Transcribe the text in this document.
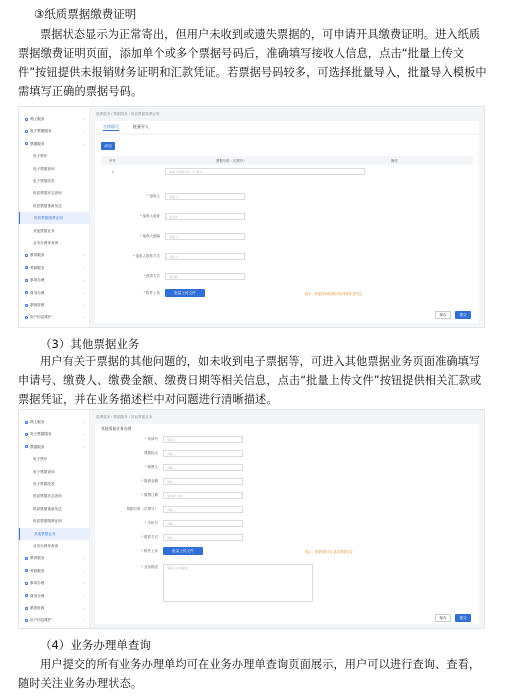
③纸质票据缴费证明
票据状态显示为正常寄出，但用户未收到或遗失票据的，可申请开具缴费证明。进入纸质票据缴费证明页面，添加单个或多个票据号码后，准确填写接收人信息，点击“批量上传文件”按钮提供未报销财务证明和汇款凭证。若票据号码较多，可选择批量导入，批量导入模板中需填写正确的票据号码。
网上服务	⌄
电子票据服务	⌄
票据服务	⌄
电子票补
电子票据查询
电子票据改签
纸质票据状态查询
纸质票据重新发送
纸质票据缴费证明
其他票据业务
业务办理单查询
教育服务	⌄
考研服务	⌄
事项办理	⌄
财务办理	⌄
系统资源	⌄
用户信息维护	⌄
缴费服务 / 票据服务 / 纸质票据缴费证明
在线填写	批量导入
添加
序号	票据号码（长票号）	操作
1	请输入票据号码（长票号）
* 接收人	请输入
* 接收人地址	请选择
* 接收人邮编	请输入
* 接收人联系方式	请输入
* 邮寄方式	请选择
* 附件上传	批量上传文件	提示：需提供未报销财务证明和汇款凭证
保存	提交
（3）其他票据业务
用户有关于票据的其他问题的，如未收到电子票据等，可进入其他票据业务页面准确填写申请号、缴费人、缴费金额、缴费日期等相关信息，点击“批量上传文件”按钮提供相关汇款或票据凭证，并在业务描述栏中对问题进行清晰描述。
网上服务	⌄
电子票据服务	⌄
票据服务	⌄
电子票补
电子票据查询
电子票据改签
纸质票据状态查询
纸质票据重新发送
纸质票据缴费证明
其他票据业务
业务办理单查询
教育服务	⌄
考研服务	⌄
事项办理	⌄
财务办理	⌄
系统资源	⌄
用户信息维护	⌄
缴费服务 / 票据服务 / 其他票据业务
其他票据业务办理
* 申请号	请输入
票据抬头	请输入
* 缴费人	请输入
* 缴费金额	请输入
* 缴费日期	请选择日期
票据号码（长票号）	请输入
* 手机号	请输入
* 联系方式	请输入
* 附件上传	批量上传文件	提示：需提供相关汇款或票据凭证
* 业务描述	请输入业务描述
保存	提交
（4）业务办理单查询
用户提交的所有业务办理单均可在业务办理单查询页面展示，用户可以进行查询、查看，随时关注业务办理状态。
